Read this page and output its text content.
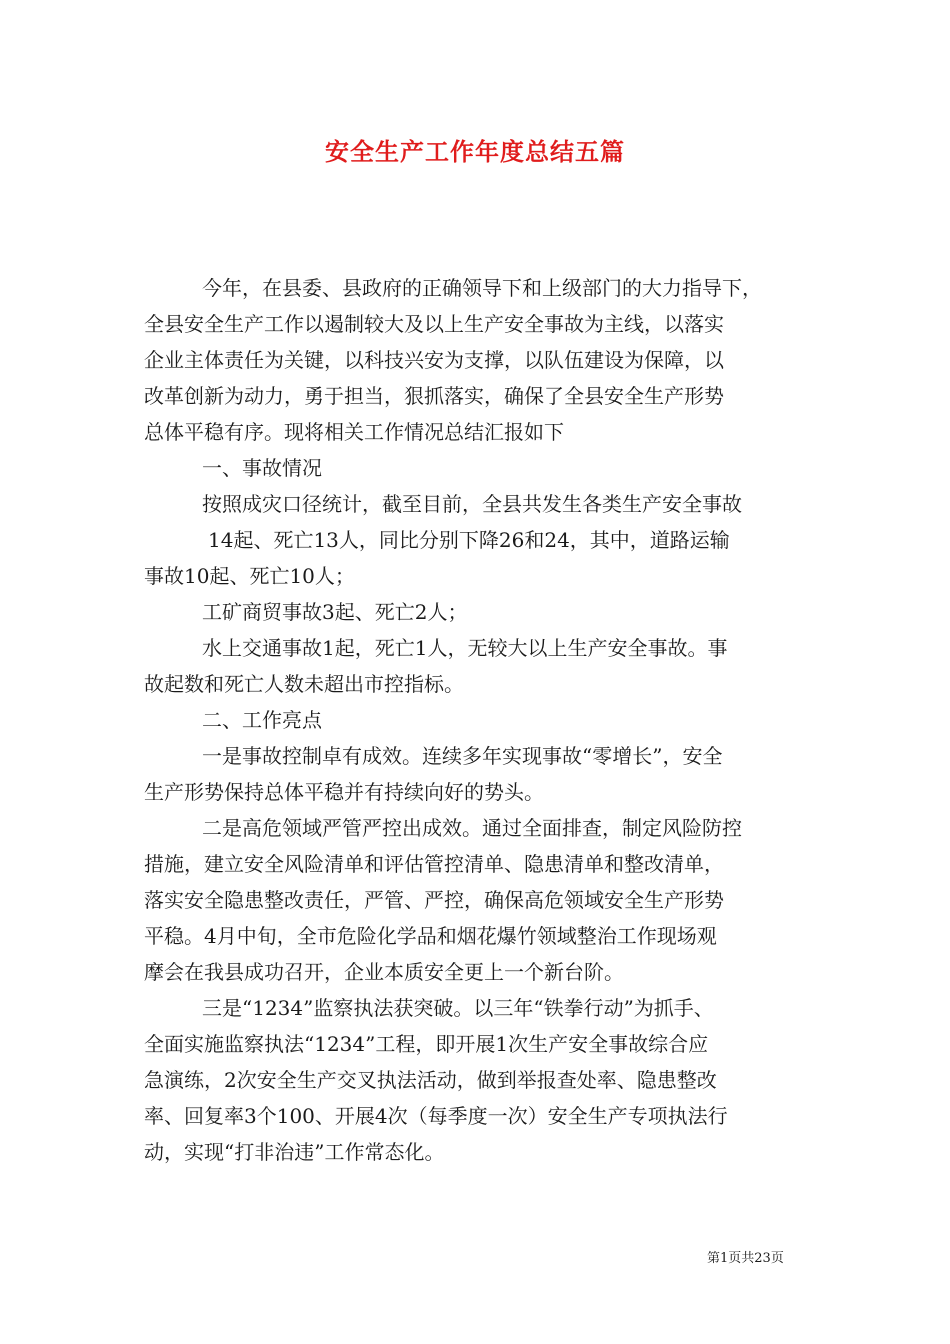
安全生产工作年度总结五篇
今年，在县委、县政府的正确领导下和上级部门的大力指导下，
全县安全生产工作以遏制较大及以上生产安全事故为主线，以落实
企业主体责任为关键，以科技兴安为支撑，以队伍建设为保障，以
改革创新为动力，勇于担当，狠抓落实，确保了全县安全生产形势
总体平稳有序。现将相关工作情况总结汇报如下
一、事故情况
按照成灾口径统计，截至目前，全县共发生各类生产安全事故
14起、死亡13人，同比分别下降26和24，其中，道路运输
事故10起、死亡10人；
工矿商贸事故3起、死亡2人；
水上交通事故1起，死亡1人，无较大以上生产安全事故。事
故起数和死亡人数未超出市控指标。
二、工作亮点
一是事故控制卓有成效。连续多年实现事故“零增长”，安全
生产形势保持总体平稳并有持续向好的势头。
二是高危领域严管严控出成效。通过全面排查，制定风险防控
措施，建立安全风险清单和评估管控清单、隐患清单和整改清单，
落实安全隐患整改责任，严管、严控，确保高危领域安全生产形势
平稳。4月中旬，全市危险化学品和烟花爆竹领域整治工作现场观
摩会在我县成功召开，企业本质安全更上一个新台阶。
三是“1234”监察执法获突破。以三年“铁拳行动”为抓手、
全面实施监察执法“1234”工程，即开展1次生产安全事故综合应
急演练，2次安全生产交叉执法活动，做到举报查处率、隐患整改
率、回复率3个100、开展4次（每季度一次）安全生产专项执法行
动，实现“打非治违”工作常态化。
第1页共23页
